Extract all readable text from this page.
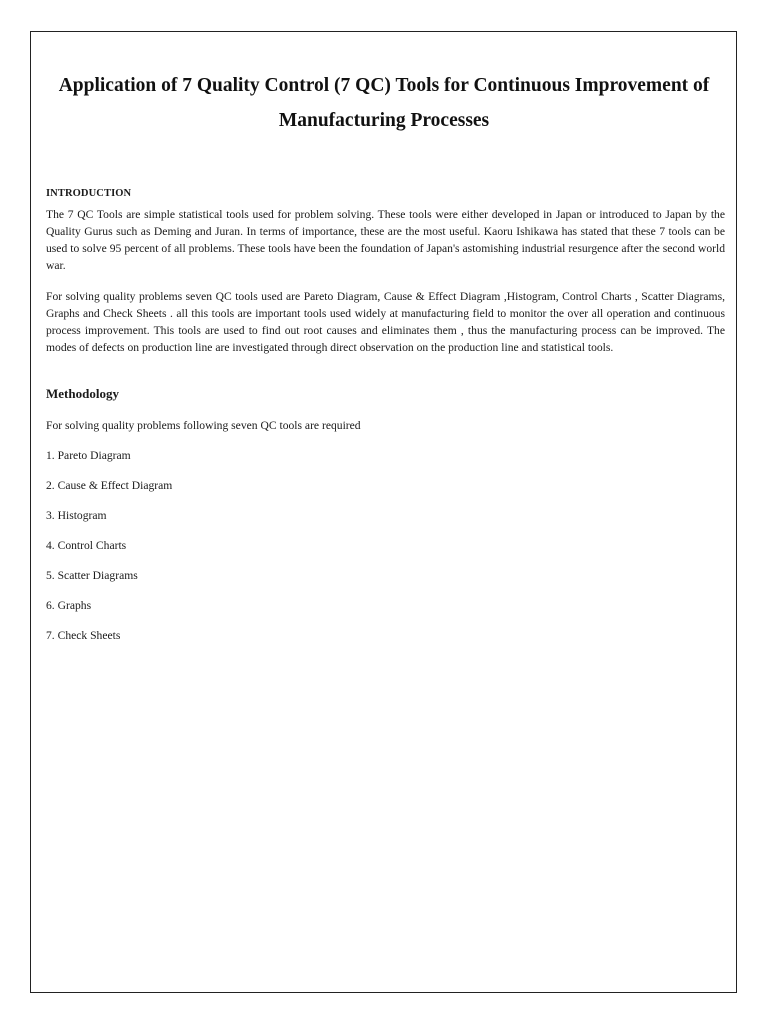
Application of 7 Quality Control (7 QC) Tools for Continuous Improvement of Manufacturing Processes
INTRODUCTION

The 7 QC Tools are simple statistical tools used for problem solving. These tools were either developed in Japan or introduced to Japan by the Quality Gurus such as Deming and Juran. In terms of importance, these are the most useful. Kaoru Ishikawa has stated that these 7 tools can be used to solve 95 percent of all problems. These tools have been the foundation of Japan's astomishing industrial resurgence after the second world war.

For solving quality problems seven QC tools used are Pareto Diagram, Cause & Effect Diagram ,Histogram, Control Charts , Scatter Diagrams, Graphs and Check Sheets . all this tools are important tools used widely at manufacturing field to monitor the over all operation and continuous process improvement. This tools are used to find out root causes and eliminates them , thus the manufacturing process can be improved. The modes of defects on production line are investigated through direct observation on the production line and statistical tools.

Methodology

For solving quality problems following seven QC tools are required

1. Pareto Diagram
2. Cause & Effect Diagram
3. Histogram
4. Control Charts
5. Scatter Diagrams
6. Graphs
7. Check Sheets
